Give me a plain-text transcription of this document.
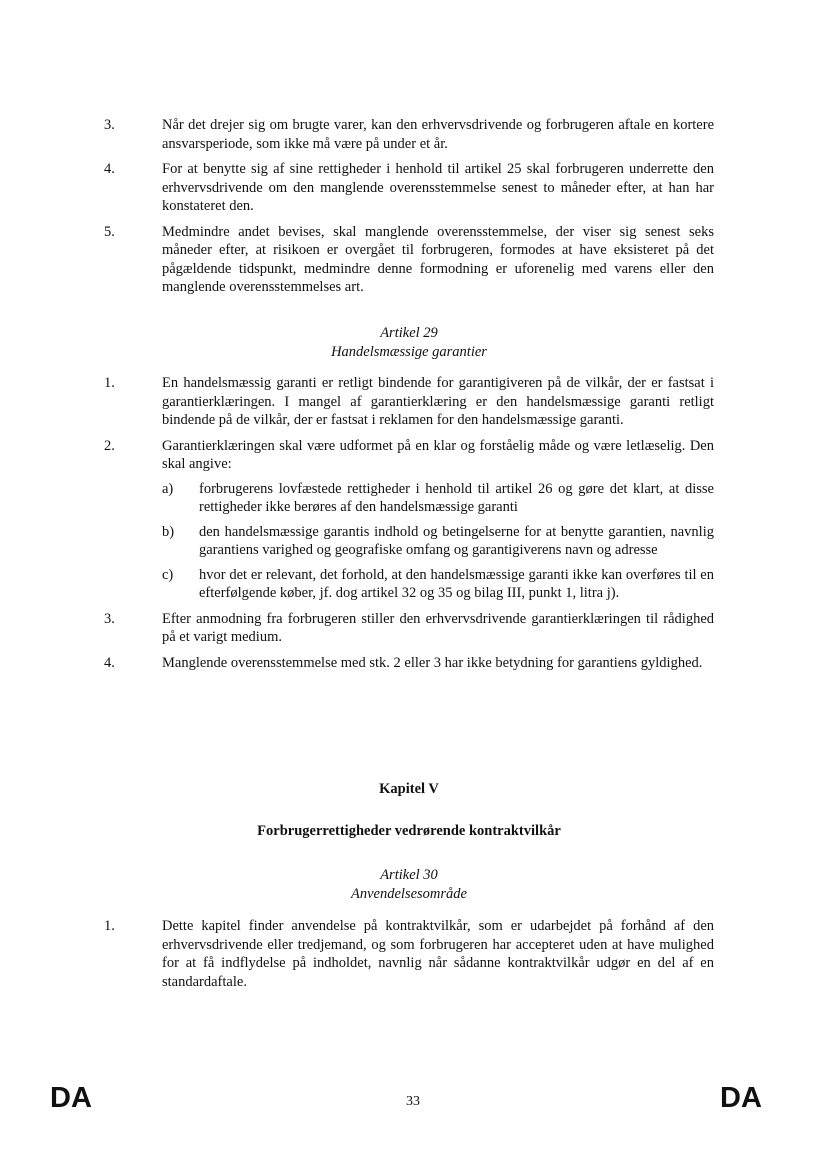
3.	Når det drejer sig om brugte varer, kan den erhvervsdrivende og forbrugeren aftale en kortere ansvarsperiode, som ikke må være på under et år.
4.	For at benytte sig af sine rettigheder i henhold til artikel 25 skal forbrugeren underrette den erhvervsdrivende om den manglende overensstemmelse senest to måneder efter, at han har konstateret den.
5.	Medmindre andet bevises, skal manglende overensstemmelse, der viser sig senest seks måneder efter, at risikoen er overgået til forbrugeren, formodes at have eksisteret på det pågældende tidspunkt, medmindre denne formodning er uforenelig med varens eller den manglende overensstemmelses art.
Artikel 29
Handelsmæssige garantier
1.	En handelsmæssig garanti er retligt bindende for garantigiveren på de vilkår, der er fastsat i garantierklæringen. I mangel af garantierklæring er den handelsmæssige garanti retligt bindende på de vilkår, der er fastsat i reklamen for den handelsmæssige garanti.
2.	Garantierklæringen skal være udformet på en klar og forståelig måde og være letlæselig. Den skal angive:
a)	forbrugerens lovfæstede rettigheder i henhold til artikel 26 og gøre det klart, at disse rettigheder ikke berøres af den handelsmæssige garanti
b)	den handelsmæssige garantis indhold og betingelserne for at benytte garantien, navnlig garantiens varighed og geografiske omfang og garantigiverens navn og adresse
c)	hvor det er relevant, det forhold, at den handelsmæssige garanti ikke kan overføres til en efterfølgende køber, jf. dog artikel 32 og 35 og bilag III, punkt 1, litra j).
3.	Efter anmodning fra forbrugeren stiller den erhvervsdrivende garantierklæringen til rådighed på et varigt medium.
4.	Manglende overensstemmelse med stk. 2 eller 3 har ikke betydning for garantiens gyldighed.
Kapitel V
Forbrugerrettigheder vedrørende kontraktvilkår
Artikel 30
Anvendelsesområde
1.	Dette kapitel finder anvendelse på kontraktvilkår, som er udarbejdet på forhånd af den erhvervsdrivende eller tredjemand, og som forbrugeren har accepteret uden at have mulighed for at få indflydelse på indholdet, navnlig når sådanne kontraktvilkår udgør en del af en standardaftale.
DA	33	DA
